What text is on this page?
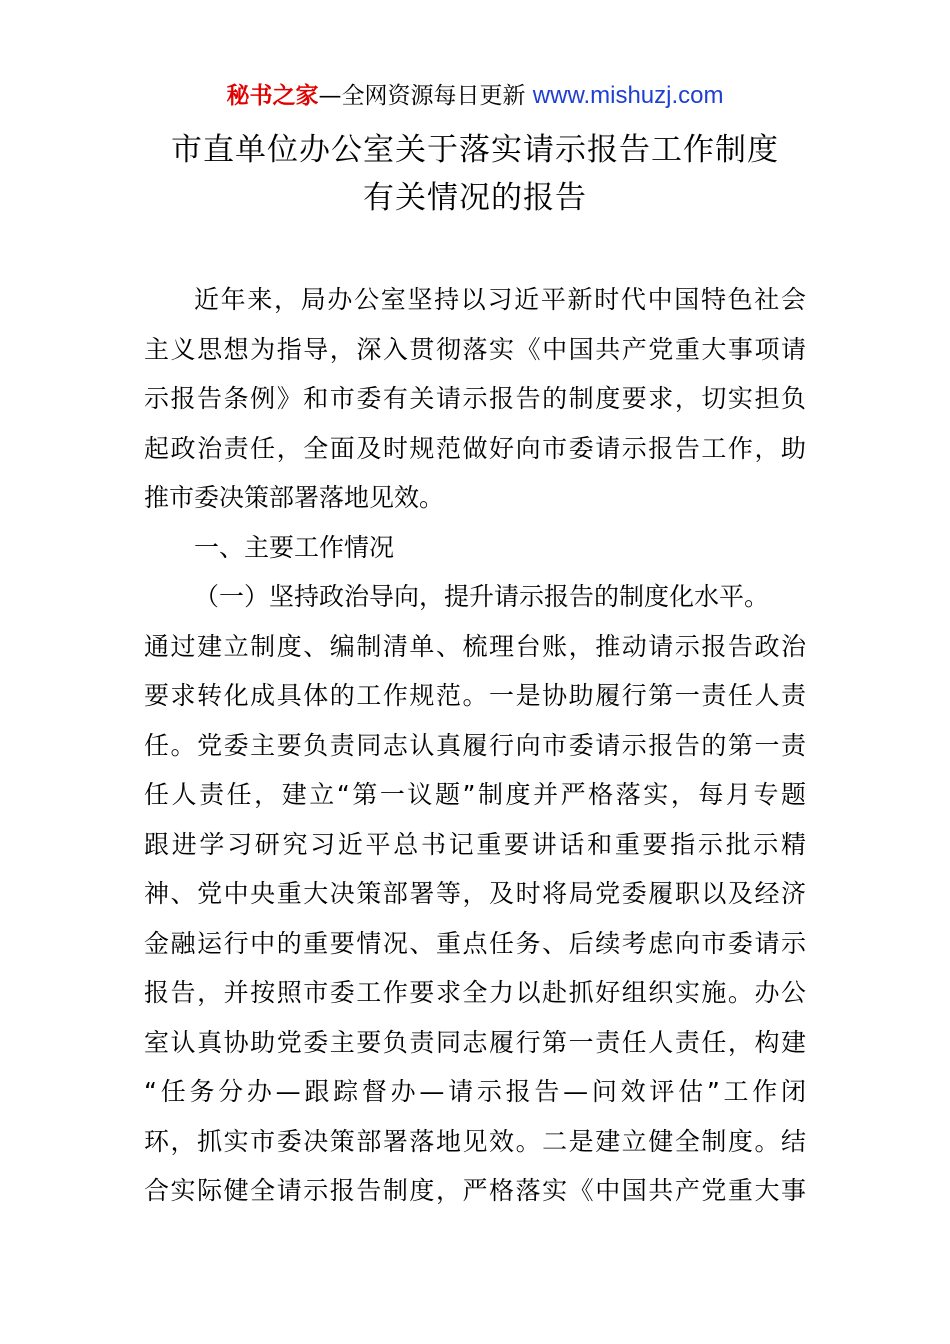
秘书之家—全网资源每日更新 www.mishuzj.com
市直单位办公室关于落实请示报告工作制度
有关情况的报告
近年来，局办公室坚持以习近平新时代中国特色社会
主义思想为指导，深入贯彻落实《中国共产党重大事项请
示报告条例》和市委有关请示报告的制度要求，切实担负
起政治责任，全面及时规范做好向市委请示报告工作，助
推市委决策部署落地见效。
一、主要工作情况
（一）坚持政治导向，提升请示报告的制度化水平。
通过建立制度、编制清单、梳理台账，推动请示报告政治
要求转化成具体的工作规范。一是协助履行第一责任人责
任。党委主要负责同志认真履行向市委请示报告的第一责
任人责任，建立“第一议题”制度并严格落实，每月专题
跟进学习研究习近平总书记重要讲话和重要指示批示精
神、党中央重大决策部署等，及时将局党委履职以及经济
金融运行中的重要情况、重点任务、后续考虑向市委请示
报告，并按照市委工作要求全力以赴抓好组织实施。办公
室认真协助党委主要负责同志履行第一责任人责任，构建
“任务分办—跟踪督办—请示报告—问效评估”工作闭
环，抓实市委决策部署落地见效。二是建立健全制度。结
合实际健全请示报告制度，严格落实《中国共产党重大事
